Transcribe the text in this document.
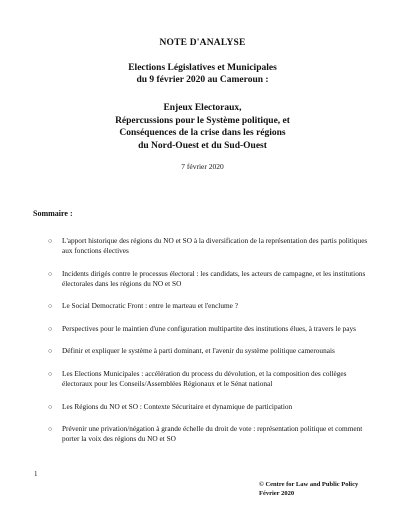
NOTE D'ANALYSE
Elections Législatives et Municipales
du 9 février 2020 au Cameroun :
Enjeux Electoraux,
Répercussions pour le Système politique, et
Conséquences de la crise dans les régions
du Nord-Ouest et du Sud-Ouest
7 février 2020
Sommaire :
○ L'apport historique des régions du NO et SO à la diversification de la représentation des partis politiques aux fonctions électives
○ Incidents dirigés contre le processus électoral : les candidats, les acteurs de campagne, et les institutions électorales dans les régions du NO et SO
○ Le Social Democratic Front : entre le marteau et l'enclume ?
○ Perspectives pour le maintien d'une configuration multipartite des institutions élues, à travers le pays
○ Définir et expliquer le système à parti dominant, et l'avenir du système politique camerounais
○ Les Elections Municipales : accélération du process du dévolution, et la composition des collèges électoraux pour les Conseils/Assemblées Régionaux et le Sénat national
○ Les Régions du NO et SO : Contexte Sécuritaire et dynamique de participation
○ Prévenir une privation/négation à grande échelle du droit de vote : représentation politique et comment porter la voix des régions du NO et SO
1
© Centre for Law and Public Policy
Février 2020
